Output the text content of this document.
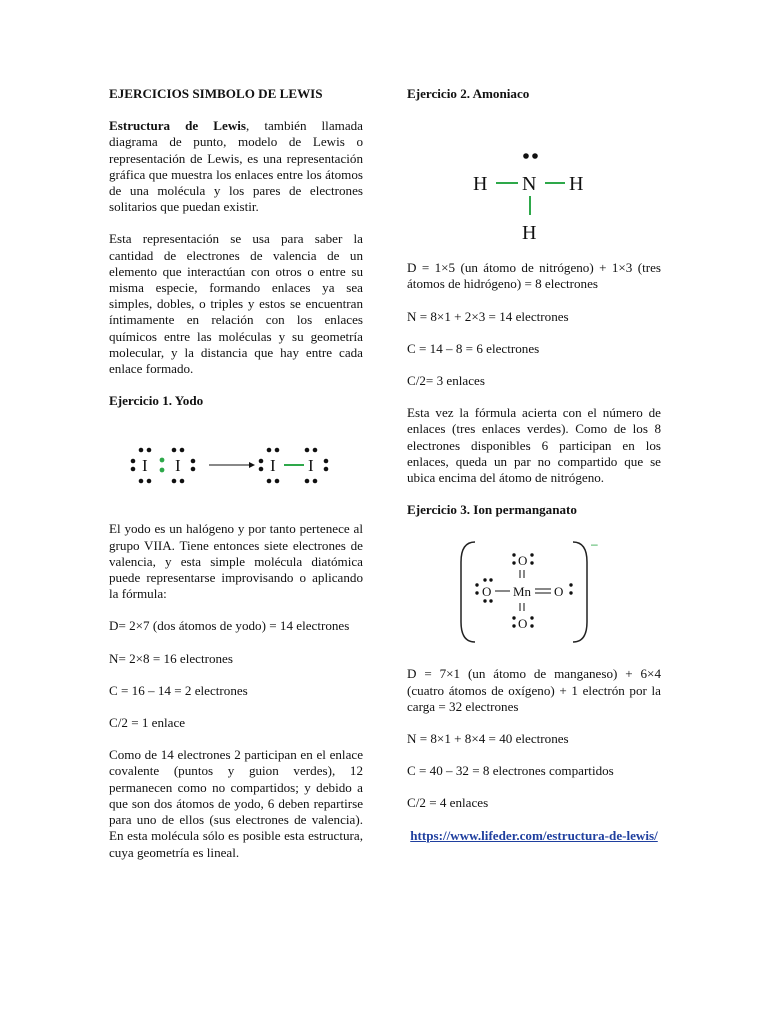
EJERCICIOS SIMBOLO DE LEWIS

Estructura de Lewis, también llamada diagrama de punto, modelo de Lewis o representación de Lewis, es una representación gráfica que muestra los enlaces entre los átomos de una molécula y los pares de electrones solitarios que puedan existir.

Esta representación se usa para saber la cantidad de electrones de valencia de un elemento que interactúan con otros o entre su misma especie, formando enlaces ya sea simples, dobles, o triples y estos se encuentran íntimamente en relación con los enlaces químicos entre las moléculas y su geometría molecular, y la distancia que hay entre cada enlace formado.

Ejercicio 1. Yodo

I I	I I

El yodo es un halógeno y por tanto pertenece al grupo VIIA. Tiene entonces siete electrones de valencia, y esta simple molécula diatómica puede representarse improvisando o aplicando la fórmula:

D= 2×7 (dos átomos de yodo) = 14 electrones

N= 2×8 = 16 electrones

C = 16 – 14 = 2 electrones

C/2 = 1 enlace

Como de 14 electrones 2 participan en el enlace covalente (puntos y guion verdes), 12 permanecen como no compartidos; y debido a que son dos átomos de yodo, 6 deben repartirse para uno de ellos (sus electrones de valencia). En esta molécula sólo es posible esta estructura, cuya geometría es lineal.

Ejercicio 2. Amoniaco

H N H
H

D = 1×5 (un átomo de nitrógeno) + 1×3 (tres átomos de hidrógeno) = 8 electrones

N = 8×1 + 2×3 = 14 electrones

C = 14 – 8 = 6 electrones

C/2= 3 enlaces

Esta vez la fórmula acierta con el número de enlaces (tres enlaces verdes). Como de los 8 electrones disponibles 6 participan en los enlaces, queda un par no compartido que se ubica encima del átomo de nitrógeno.

Ejercicio 3. Ion permanganato

–
O
O Mn O
O

D = 7×1 (un átomo de manganeso) + 6×4 (cuatro átomos de oxígeno) + 1 electrón por la carga = 32 electrones

N = 8×1 + 8×4 = 40 electrones

C = 40 – 32 = 8 electrones compartidos

C/2 = 4 enlaces

https://www.lifeder.com/estructura-de-lewis/
